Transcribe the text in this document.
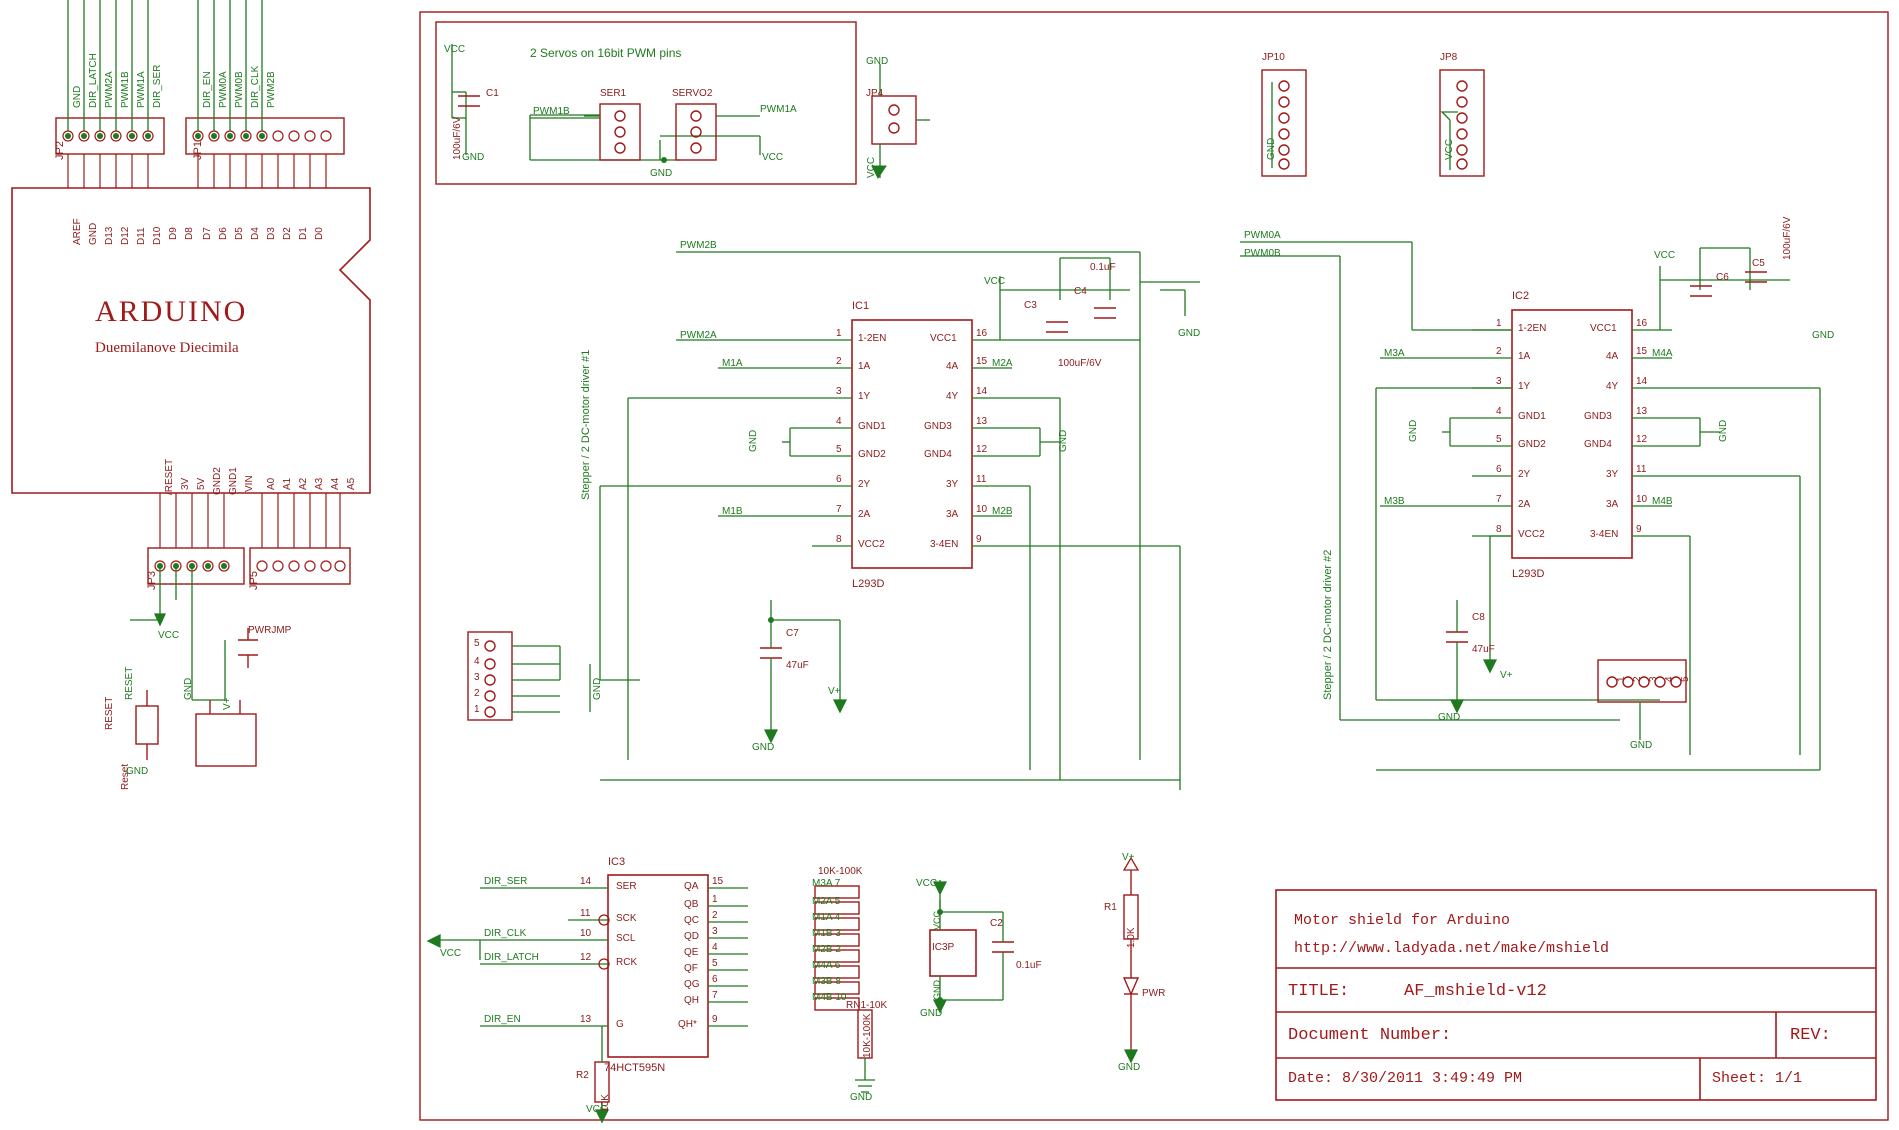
ARDUINO
Duemilanove Diecimila
AREF GND D13 D12 D11 D10 D9 D8 D7 D6 D5 D4 D3 D2 D1 D0
GND DIR_LATCH PWM2A PWM1B PWM1A DIR_SER	DIR_EN PWM0A PWM0B DIR_CLK PWM2B
JP2	JP1
/RESET 3V 5V GND2 GND1 VIN A0 A1 A2 A3 A4 A5
JP3	JP5
RESET
VCC
GND
V+
PWRJMP
RESET
Reset
GND
2 Servos on 16bit PWM pins
VCC
C1
100uF/6V GND
PWM1B
SER1	SERVO2
PWM1A
VCC
GND
GND
JP4
VCC
JP10
GND
JP8
VCC
Stepper / 2 DC-motor driver #1
Stepper / 2 DC-motor driver #2
IC1
L293D
1 1-2EN
2 1A
3 1Y
4 GND1
5 GND2
6 2Y
7 2A
8 VCC2
16
VCC1
15
4A
14
4Y
13
GND3
12
GND4
11
3Y
10
3A
9
3-4EN
PWM2B
PWM2A
M1A
M1B
M2A
M2B
GND	GND
VCC
C3
100uF/6V
C4
0.1uF
GND
C7
47uF
GND
V+
GND
5
4
3
2
1
IC2
L293D
1 1-2EN
2 1A
3 1Y
4 GND1
5 GND2
6 2Y
7 2A
8 VCC2
16
VCC1
15
4A
14
4Y
13
GND3
12
GND4
11
3Y
10
3A
9
3-4EN
PWM0A
PWM0B
M3A
M3B
M4A
M4B
GND	GND
VCC
C6
C5
100uF/6V
GND
C8
47uF
GND
V+
GND
1 2 3 4 5
IC3
74HCT595N
14 SER
11	SCK
10 SCL
12 RCK
13 G
15
QA
1
QB
2
QC
3
QD
4
QE
5
QF
6
QG
7
QH
9
QH*
DIR_SER
DIR_CLK
DIR_LATCH
DIR_EN
VCC
R2
10K
VCC
M3A 7
M2A 5
M1A 4
M1B 3
M2B 2
M4A 6
M3B 8
M4B 10
10K-100K
RN1-10K
10K-100K
GND
IC3P
C2
0.1uF
VCC
VCC
GND
GND
V+
R1
1.0K
PWR
GND
Motor shield for Arduino
http://www.ladyada.net/make/mshield
TITLE:	AF_mshield-v12
Document Number:	REV:
Date: 8/30/2011 3:49:49 PM	Sheet: 1/1
